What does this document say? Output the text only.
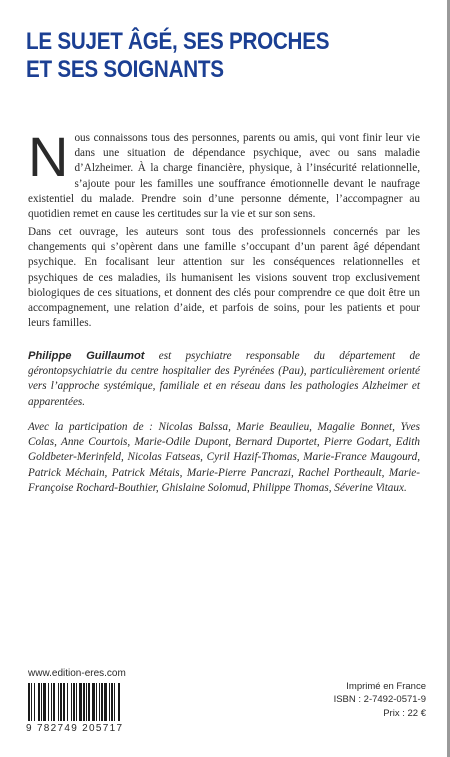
LE SUJET ÂGÉ, SES PROCHES
ET SES SOIGNANTS

Nous connaissons tous des personnes, parents ou amis, qui vont finir leur vie dans une situation de dépendance psychique, avec ou sans maladie d’Alzheimer. À la charge financière, physique, à l’insécurité relationnelle, s’ajoute pour les familles une souffrance émotionnelle devant le naufrage existentiel du malade. Prendre soin d’une personne démente, l’accompagner au quotidien remet en cause les certitudes sur la vie et sur son sens.

Dans cet ouvrage, les auteurs sont tous des professionnels concernés par les changements qui s’opèrent dans une famille s’occupant d’un parent âgé dépendant psychique. En focalisant leur attention sur les conséquences relationnelles et psychiques de ces maladies, ils humanisent les visions souvent trop exclusivement biologiques de ces situations, et donnent des clés pour comprendre ce que doit être un accompagnement, une relation d’aide, et parfois de soins, pour les patients et pour leurs familles.

Philippe Guillaumot est psychiatre responsable du département de gérontopsychiatrie du centre hospitalier des Pyrénées (Pau), particulièrement orienté vers l’approche systémique, familiale et en réseau dans les pathologies Alzheimer et apparentées.

Avec la participation de : Nicolas Balssa, Marie Beaulieu, Magalie Bonnet, Yves Colas, Anne Courtois, Marie-Odile Dupont, Bernard Duportet, Pierre Godart, Edith Goldbeter-Merinfeld, Nicolas Fatseas, Cyril Hazif-Thomas, Marie-France Maugourd, Patrick Méchain, Patrick Métais, Marie-Pierre Pancrazi, Rachel Portheault, Marie-Françoise Rochard-Bouthier, Ghislaine Solomud, Philippe Thomas, Séverine Vitaux.

www.edition-eres.com
9 782749 205717
Imprimé en France
ISBN : 2-7492-0571-9
Prix : 22 €
